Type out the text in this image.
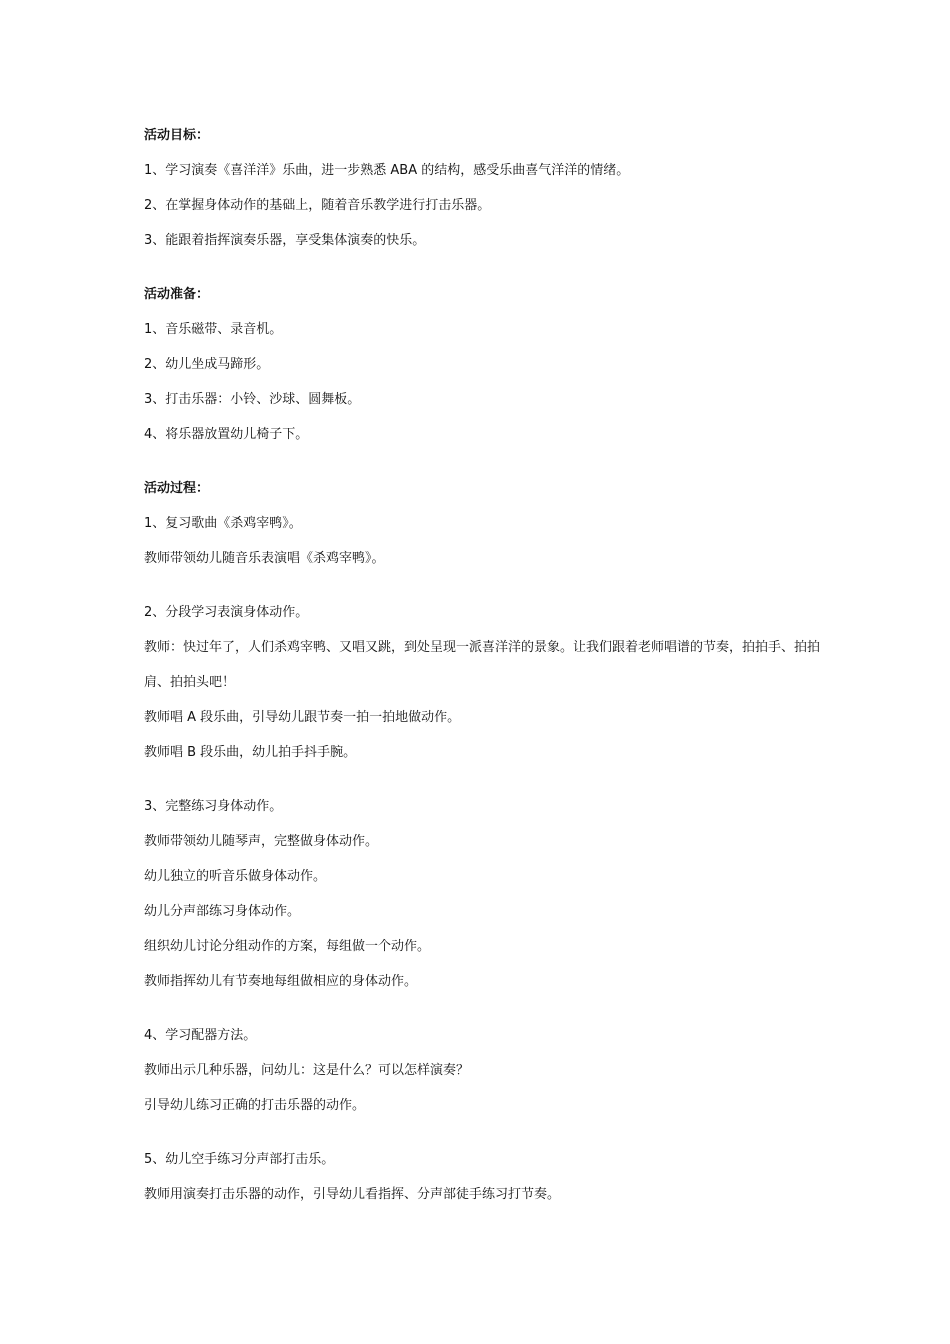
活动目标：
1、学习演奏《喜洋洋》乐曲，进一步熟悉 ABA 的结构，感受乐曲喜气洋洋的情绪。
2、在掌握身体动作的基础上，随着音乐教学进行打击乐器。
3、能跟着指挥演奏乐器，享受集体演奏的快乐。
活动准备：
1、音乐磁带、录音机。
2、幼儿坐成马蹄形。
3、打击乐器：小铃、沙球、圆舞板。
4、将乐器放置幼儿椅子下。
活动过程：
1、复习歌曲《杀鸡宰鸭》。
教师带领幼儿随音乐表演唱《杀鸡宰鸭》。
2、分段学习表演身体动作。
教师：快过年了，人们杀鸡宰鸭、又唱又跳，到处呈现一派喜洋洋的景象。让我们跟着老师唱谱的节奏，拍拍手、拍拍肩、拍拍头吧！
教师唱 A 段乐曲，引导幼儿跟节奏一拍一拍地做动作。
教师唱 B 段乐曲，幼儿拍手抖手腕。
3、完整练习身体动作。
教师带领幼儿随琴声，完整做身体动作。
幼儿独立的听音乐做身体动作。
幼儿分声部练习身体动作。
组织幼儿讨论分组动作的方案，每组做一个动作。
教师指挥幼儿有节奏地每组做相应的身体动作。
4、学习配器方法。
教师出示几种乐器，问幼儿：这是什么？可以怎样演奏？
引导幼儿练习正确的打击乐器的动作。
5、幼儿空手练习分声部打击乐。
教师用演奏打击乐器的动作，引导幼儿看指挥、分声部徒手练习打节奏。
